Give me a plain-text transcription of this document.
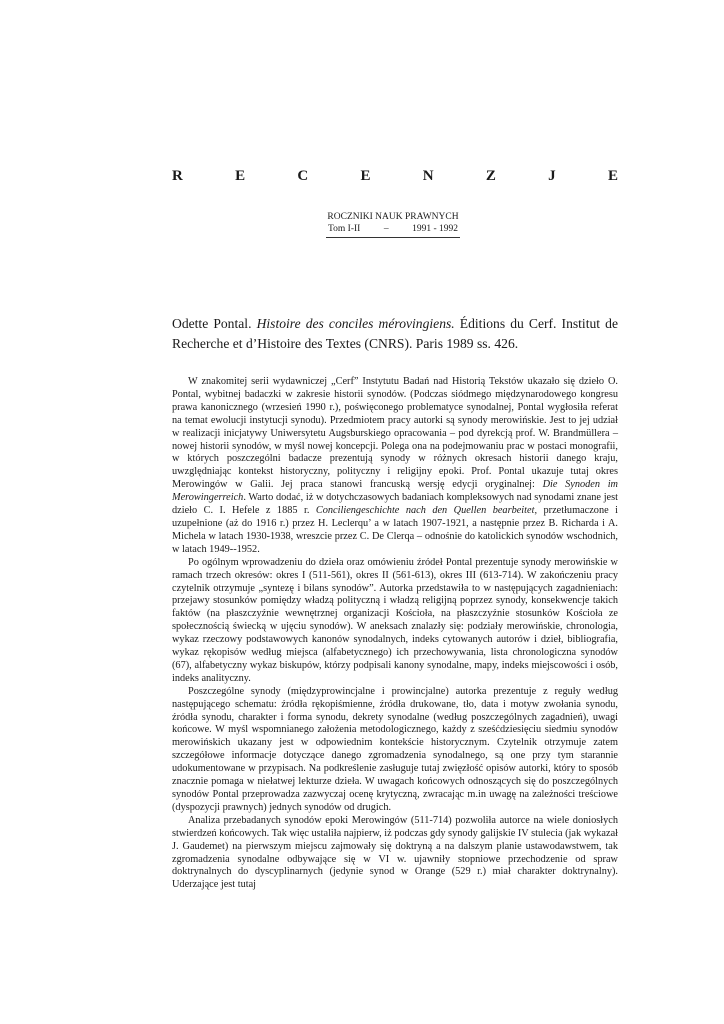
R	E	C	E	N	Z	J	E
ROCZNIKI NAUK PRAWNYCH
Tom I-II – 1991 - 1992
Odette Pontal. Histoire des conciles mérovingiens. Éditions du Cerf. Institut de Recherche et d’Histoire des Textes (CNRS). Paris 1989 ss. 426.

W znakomitej serii wydawniczej „Cerf” Instytutu Badań nad Historią Tekstów ukazało się dzieło O. Pontal, wybitnej badaczki w zakresie historii synodów. (Podczas siódmego międzynarodowego kongresu prawa kanonicznego (wrzesień 1990 r.), poświęconego problematyce synodalnej, Pontal wygłosiła referat na temat ewolucji instytucji synodu). Przedmiotem pracy autorki są synody merowińskie. Jest to jej udział w realizacji inicjatywy Uniwersytetu Augsburskiego opracowania – pod dyrekcją prof. W. Brandmüllera – nowej historii synodów, w myśl nowej koncepcji. Polega ona na podejmowaniu prac w postaci monografii, w których poszczególni badacze prezentują synody w różnych okresach historii danego kraju, uwzględniając kontekst historyczny, polityczny i religijny epoki. Prof. Pontal ukazuje tutaj okres Merowingów w Galii. Jej praca stanowi francuską wersję edycji oryginalnej: Die Synoden im Merowingerreich. Warto dodać, iż w dotychczasowych badaniach kompleksowych nad synodami znane jest dzieło C. I. Hefele z 1885 r. Conciliengeschichte nach den Quellen bearbeitet, przetłumaczone i uzupełnione (aż do 1916 r.) przez H. Leclerqu’ a w latach 1907-1921, a następnie przez B. Richarda i A. Michela w latach 1930-1938, wreszcie przez C. De Clerqa – odnośnie do katolickich synodów wschodnich, w latach 1949--1952.

Po ogólnym wprowadzeniu do dzieła oraz omówieniu źródeł Pontal prezentuje synody merowińskie w ramach trzech okresów: okres I (511-561), okres II (561-613), okres III (613-714). W zakończeniu pracy czytelnik otrzymuje „syntezę i bilans synodów”. Autorka przedstawiła to w następujących zagadnieniach: przejawy stosunków pomiędzy władzą polityczną i władzą religijną poprzez synody, konsekwencje takich faktów (na płaszczyźnie wewnętrznej organizacji Kościoła, na płaszczyźnie stosunków Kościoła ze społecznością świecką w ujęciu synodów). W aneksach znalazły się: podziały merowińskie, chronologia, wykaz rzeczowy podstawowych kanonów synodalnych, indeks cytowanych autorów i dzieł, bibliografia, wykaz rękopisów według miejsca (alfabetycznego) ich przechowywania, lista chronologiczna synodów (67), alfabetyczny wykaz biskupów, którzy podpisali kanony synodalne, mapy, indeks miejscowości i osób, indeks analityczny.

Poszczególne synody (międzyprowincjalne i prowincjalne) autorka prezentuje z reguły według następującego schematu: źródła rękopiśmienne, źródła drukowane, tło, data i motyw zwołania synodu, źródła synodu, charakter i forma synodu, dekrety synodalne (według poszczególnych zagadnień), uwagi końcowe. W myśl wspomnianego założenia metodologicznego, każdy z sześćdziesięciu siedmiu synodów merowińskich ukazany jest w odpowiednim kontekście historycznym. Czytelnik otrzymuje zatem szczegółowe informacje dotyczące danego zgromadzenia synodalnego, są one przy tym starannie udokumentowane w przypisach. Na podkreślenie zasługuje tutaj zwięzłość opisów autorki, który to sposób znacznie pomaga w niełatwej lekturze dzieła. W uwagach końcowych odnoszących się do poszczególnych synodów Pontal przeprowadza zazwyczaj ocenę krytyczną, zwracając m.in uwagę na zależności treściowe (dyspozycji prawnych) jednych synodów od drugich.

Analiza przebadanych synodów epoki Merowingów (511-714) pozwoliła autorce na wiele doniosłych stwierdzeń końcowych. Tak więc ustaliła najpierw, iż podczas gdy synody galijskie IV stulecia (jak wykazał J. Gaudemet) na pierwszym miejscu zajmowały się doktryną a na dalszym planie ustawodawstwem, tak zgromadzenia synodalne odbywające się w VI w. ujawniły stopniowe przechodzenie od spraw doktrynalnych do dyscyplinarnych (jedynie synod w Orange (529 r.) miał charakter doktrynalny). Uderzające jest tutaj
